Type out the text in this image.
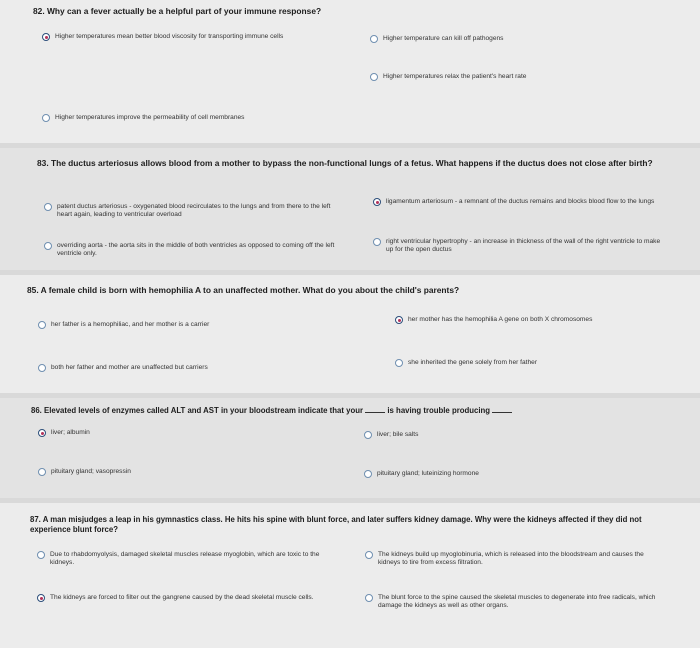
82. Why can a fever actually be a helpful part of your immune response?
Higher temperatures mean better blood viscosity for transporting immune cells	Higher temperature can kill off pathogens
Higher temperatures relax the patient's heart rate
Higher temperatures improve the permeability of cell membranes
83. The ductus arteriosus allows blood from a mother to bypass the non-functional lungs of a fetus. What happens if the ductus does not close after birth?
patent ductus arteriosus - oxygenated blood recirculates to the lungs and from there to the left heart again, leading to ventricular overload
ligamentum arteriosum - a remnant of the ductus remains and blocks blood flow to the lungs
overriding aorta - the aorta sits in the middle of both ventricles as opposed to coming off the left ventricle only.
right ventricular hypertrophy - an increase in thickness of the wall of the right ventricle to make up for the open ductus
85. A female child is born with hemophilia A to an unaffected mother. What do you about the child's parents?
her father is a hemophiliac, and her mother is a carrier
her mother has the hemophilia A gene on both X chromosomes
both her father and mother are unaffected but carriers
she inherited the gene solely from her father
86. Elevated levels of enzymes called ALT and AST in your bloodstream indicate that your	is having trouble producing
liver; albumin	liver; bile salts
pituitary gland; vasopressin	pituitary gland; luteinizing hormone
87. A man misjudges a leap in his gymnastics class. He hits his spine with blunt force, and later suffers kidney damage. Why were the kidneys affected if they did not experience blunt force?
Due to rhabdomyolysis, damaged skeletal muscles release myoglobin, which are toxic to the kidneys.
The kidneys build up myoglobinuria, which is released into the bloodstream and causes the kidneys to tire from excess filtration.
The kidneys are forced to filter out the gangrene caused by the dead skeletal muscle cells.	The blunt force to the spine caused the skeletal muscles to degenerate into free radicals, which damage the kidneys as well as other organs.
